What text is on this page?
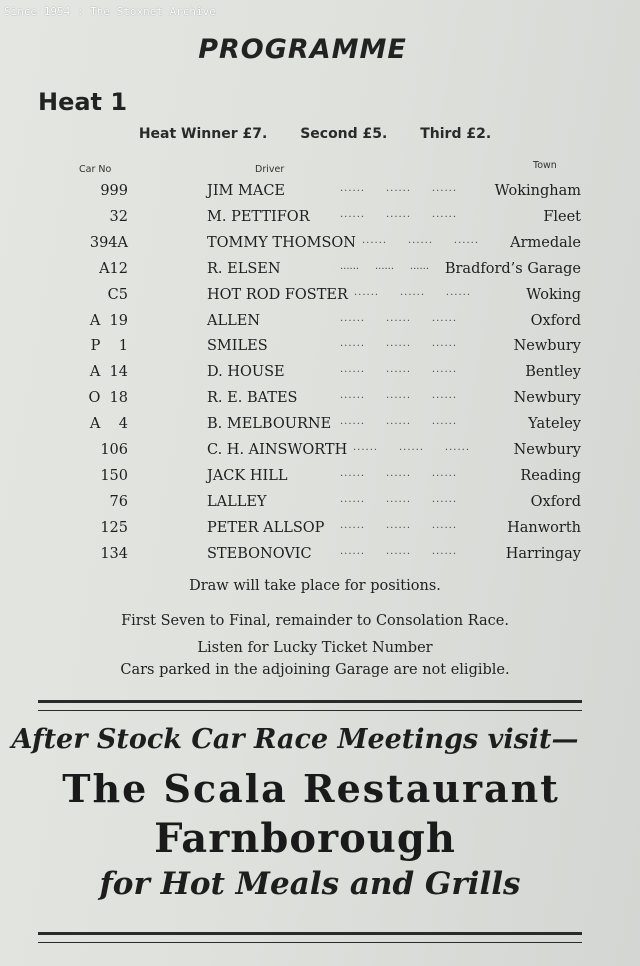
Since 1954 : The Stoxnet Archive
PROGRAMME
Heat 1
Heat Winner £7. Second £5. Third £2.
Car No	Driver	Town
999	JIM MACE	......     ......     ......	Wokingham
32	M. PETTIFOR	......     ......     ......	Fleet
394A	TOMMY THOMSON ......     ......     ...... Armedale
A12	R. ELSEN	......     ......     ...... Bradford’s Garage
C5	HOT ROD FOSTER ......     ......     ......	Woking
A  19	ALLEN	......     ......     ......	Oxford
P    1	SMILES	......     ......     ......	Newbury
A  14	D. HOUSE	......     ......     ......	Bentley
O  18	R. E. BATES	......     ......     ......	Newbury
A    4	B. MELBOURNE ......     ......     ......	Yateley
106	C. H. AINSWORTH ......     ......     ......	Newbury
150	JACK HILL	......     ......     ......	Reading
76	LALLEY	......     ......     ......	Oxford
125	PETER ALLSOP ......     ......     ......	Hanworth
134	STEBONOVIC	......     ......     ......	Harringay
Draw will take place for positions.
First Seven to Final, remainder to Consolation Race.
Listen for Lucky Ticket Number
Cars parked in the adjoining Garage are not eligible.
After Stock Car Race Meetings visit—
The Scala Restaurant
Farnborough
for Hot Meals and Grills
